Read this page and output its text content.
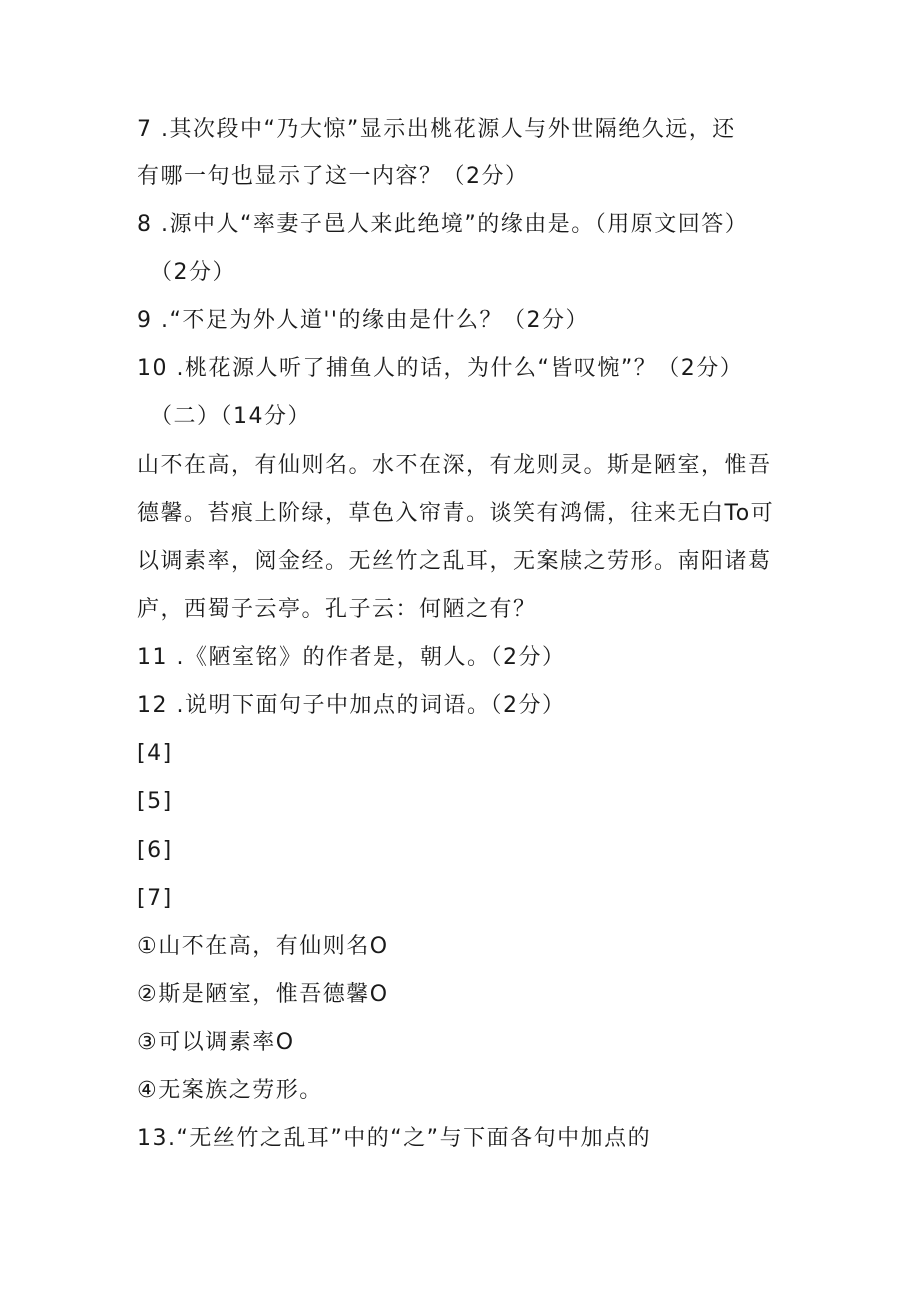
7 .其次段中“乃大惊”显示出桃花源人与外世隔绝久远，还
有哪一句也显示了这一内容？（2分）
8 .源中人“率妻子邑人来此绝境”的缘由是。（用原文回答）
（2分）
9 .“不足为外人道''的缘由是什么？（2分）
10 .桃花源人听了捕鱼人的话，为什么“皆叹惋”？（2分）
（二）（14分）
山不在高，有仙则名。水不在深，有龙则灵。斯是陋室，惟吾
德馨。苔痕上阶绿，草色入帘青。谈笑有鸿儒，往来无白To可
以调素率，阅金经。无丝竹之乱耳，无案牍之劳形。南阳诸葛
庐，西蜀子云亭。孔子云：何陋之有？
11 .《陋室铭》的作者是，朝人。（2分）
12 .说明下面句子中加点的词语。（2分）
[4]
[5]
[6]
[7]
①山不在高，有仙则名O
②斯是陋室，惟吾德馨O
③可以调素率O
④无案族之劳形。
13.“无丝竹之乱耳”中的“之”与下面各句中加点的
